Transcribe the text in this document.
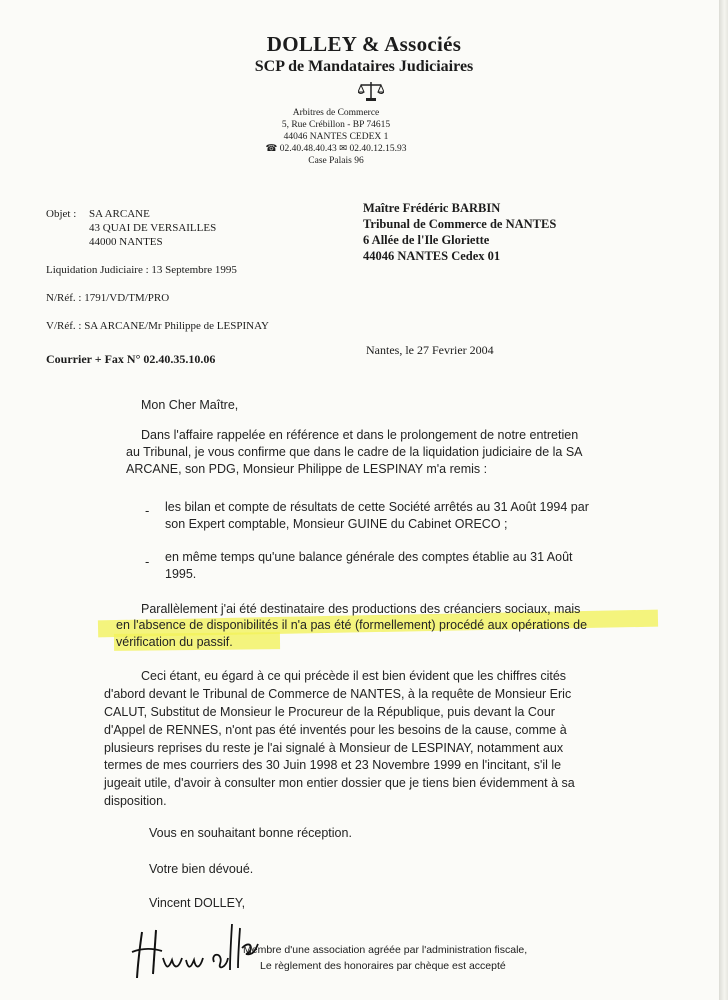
DOLLEY & Associés
SCP de Mandataires Judiciaires
Arbitres de Commerce
5, Rue Crébillon - BP 74615
44046 NANTES CEDEX 1
☎ 02.40.48.40.43 ✉ 02.40.12.15.93
Case Palais 96
Objet : SA ARCANE
43 QUAI DE VERSAILLES
44000 NANTES
Liquidation Judiciaire : 13 Septembre 1995
N/Réf. : 1791/VD/TM/PRO
V/Réf. : SA ARCANE/Mr Philippe de LESPINAY
Courrier + Fax N° 02.40.35.10.06
Maître Frédéric BARBIN
Tribunal de Commerce de NANTES
6 Allée de l'Ile Gloriette
44046 NANTES Cedex 01
Nantes, le 27 Fevrier 2004
Mon Cher Maître,
Dans l'affaire rappelée en référence et dans le prolongement de notre entretien
au Tribunal, je vous confirme que dans le cadre de la liquidation judiciaire de la SA
ARCANE, son PDG, Monsieur Philippe de LESPINAY m'a remis :
- les bilan et compte de résultats de cette Société arrêtés au 31 Août 1994 par
son Expert comptable, Monsieur GUINE du Cabinet ORECO ;
- en même temps qu'une balance générale des comptes établie au 31 Août
1995.
Parallèlement j'ai été destinataire des productions des créanciers sociaux, mais
en l'absence de disponibilités il n'a pas été (formellement) procédé aux opérations de
vérification du passif.
Ceci étant, eu égard à ce qui précède il est bien évident que les chiffres cités
d'abord devant le Tribunal de Commerce de NANTES, à la requête de Monsieur Eric
CALUT, Substitut de Monsieur le Procureur de la République, puis devant la Cour
d'Appel de RENNES, n'ont pas été inventés pour les besoins de la cause, comme à
plusieurs reprises du reste je l'ai signalé à Monsieur de LESPINAY, notamment aux
termes de mes courriers des 30 Juin 1998 et 23 Novembre 1999 en l'incitant, s'il le
jugeait utile, d'avoir à consulter mon entier dossier que je tiens bien évidemment à sa
disposition.
Vous en souhaitant bonne réception.
Votre bien dévoué.
Vincent DOLLEY,
Membre d'une association agréée par l'administration fiscale,
Le règlement des honoraires par chèque est accepté
